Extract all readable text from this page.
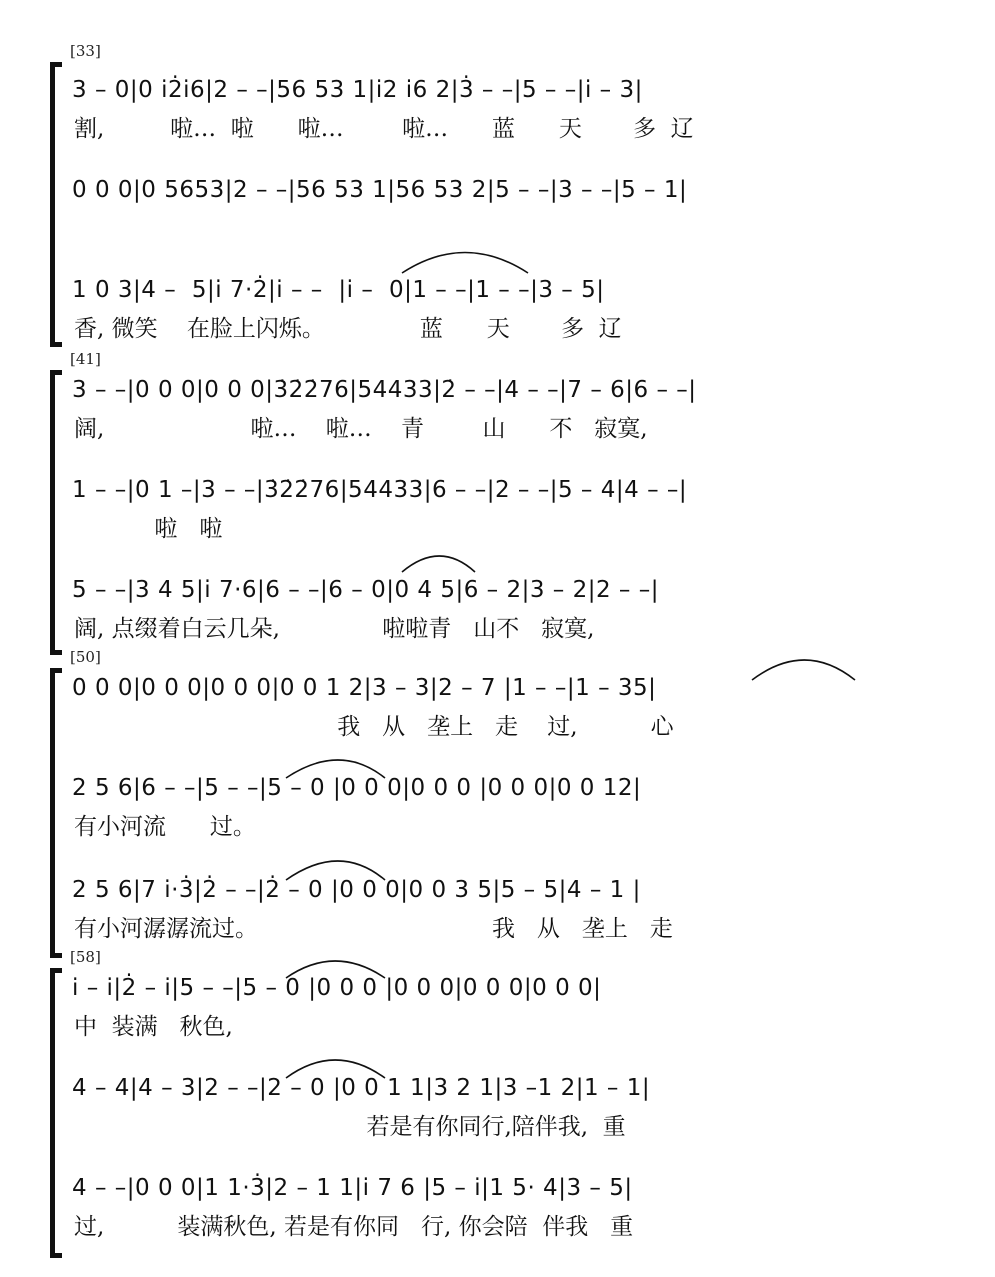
[33]
3 – 0|0 i̇2̇i̇6|2 – –|56 53 1|i̇2 i̇6 2|3̇ – –|5 – –|i̇ – 3|
割,         啦…  啦      啦…        啦…      蓝      天       多  辽
0 0 0|0 5653|2 – –|56 53 1|56 53 2|5 – –|3 – –|5 – 1|
1 0 3|4 –  5|i̇ 7·2̇|i̇ – –  |i̇ –  0|1 – –|1 – –|3 – 5|
香, 微笑    在脸上闪烁。             蓝      天       多  辽
[41]
3 – –|0 0 0|0 0 0|3̇2̇2̇76|54433|2̇ – –|4 – –|7 – 6|6 – –|
阔,                    啦…    啦…    青        山      不   寂寞,
1 – –|0 1 –|3 – –|3̇2̇2̇76|54433|6 – –|2 – –|5 – 4|4 – –|
啦   啦
5 – –|3 4 5|i̇ 7·6|6 – –|6 – 0|0 4 5|6 – 2|3 – 2|2 – –|
阔, 点缀着白云几朵,              啦啦青   山不   寂寞,
[50]
0 0 0|0 0 0|0 0 0|0 0 1 2|3 – 3|2 – 7 |1 – –|1 – 35|
我   从   垄上   走    过,          心
2 5 6|6 – –|5 – –|5 – 0 |0 0 0|0 0 0 |0 0 0|0 0 12|
有小河流      过。
2 5 6|7 i̇·3̇|2̇ – –|2̇ – 0 |0 0 0|0 0 3 5|5 – 5|4 – 1 |
有小河潺潺流过。                                我   从   垄上   走
[58]
i̇ – i̇|2̇ – i̇|5 – –|5 – 0 |0 0 0 |0 0 0|0 0 0|0 0 0|
中  装满   秋色,
4 – 4|4 – 3|2 – –|2 – 0 |0 0 1 1|3 2 1|3 –1 2|1 – 1|
若是有你同行,陪伴我,  重
4 – –|0 0 0|1 1·3̇|2 – 1 1|i̇ 7 6 |5 – i̇|1 5· 4|3 – 5|
过,          装满秋色, 若是有你同   行, 你会陪  伴我   重
